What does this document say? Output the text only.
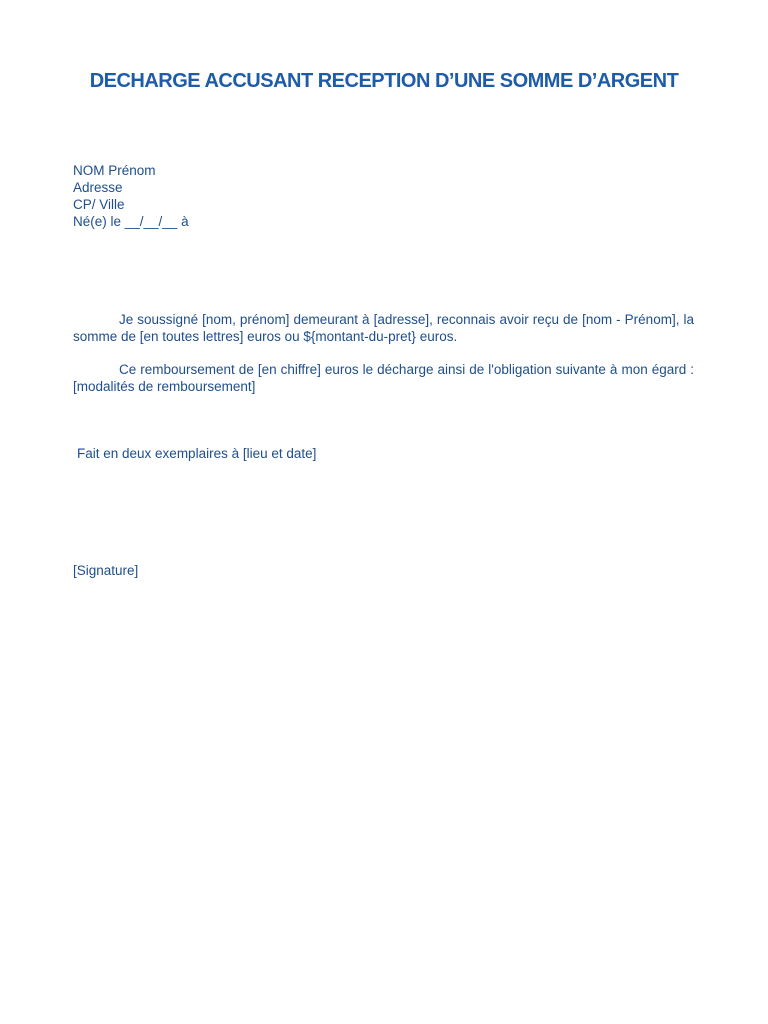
DECHARGE ACCUSANT RECEPTION D’UNE SOMME D’ARGENT
NOM Prénom
Adresse
CP/ Ville
Né(e) le __/__/__ à
Je soussigné [nom, prénom] demeurant à [adresse], reconnais avoir reçu de [nom - Prénom], la somme de [en toutes lettres] euros ou ${montant-du-pret} euros.
Ce remboursement de [en chiffre] euros le décharge ainsi de l'obligation suivante à mon égard : [modalités de remboursement]
Fait en deux exemplaires à [lieu et date]
[Signature]
